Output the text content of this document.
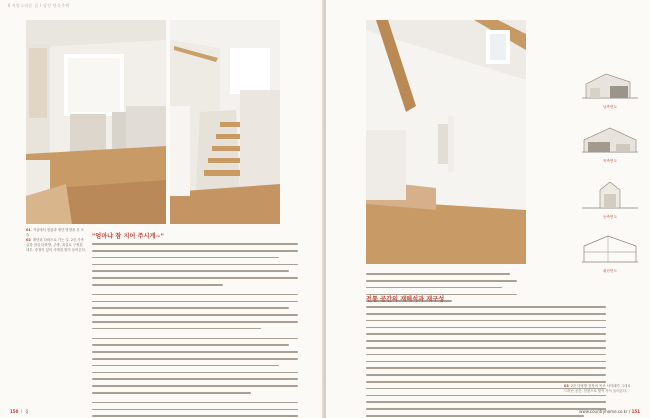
Ⅱ 사랑스러운 집 I 당진 단독주택
01 거실에서 현관과 계단 방향을 본 모습.
02 계단과 다락으로 가는 길. 2층 가족실과 침실 다락방, 주방, 욕실로 구성된 내부. 중정이 있어 사계절 빛이 들어온다.
"엄마냐 참 지어 주시게~"
150 ㅣ 집
전통 공간의 재해석과 재구성
남측면도
북측면도
동측면도
횡단면도
03 2층 다락방 천장의 목조 서까래가 그대로 드러난 공간, 천창으로 빛이 가득 들어온다.
www.countryhome.co.kr / 151
